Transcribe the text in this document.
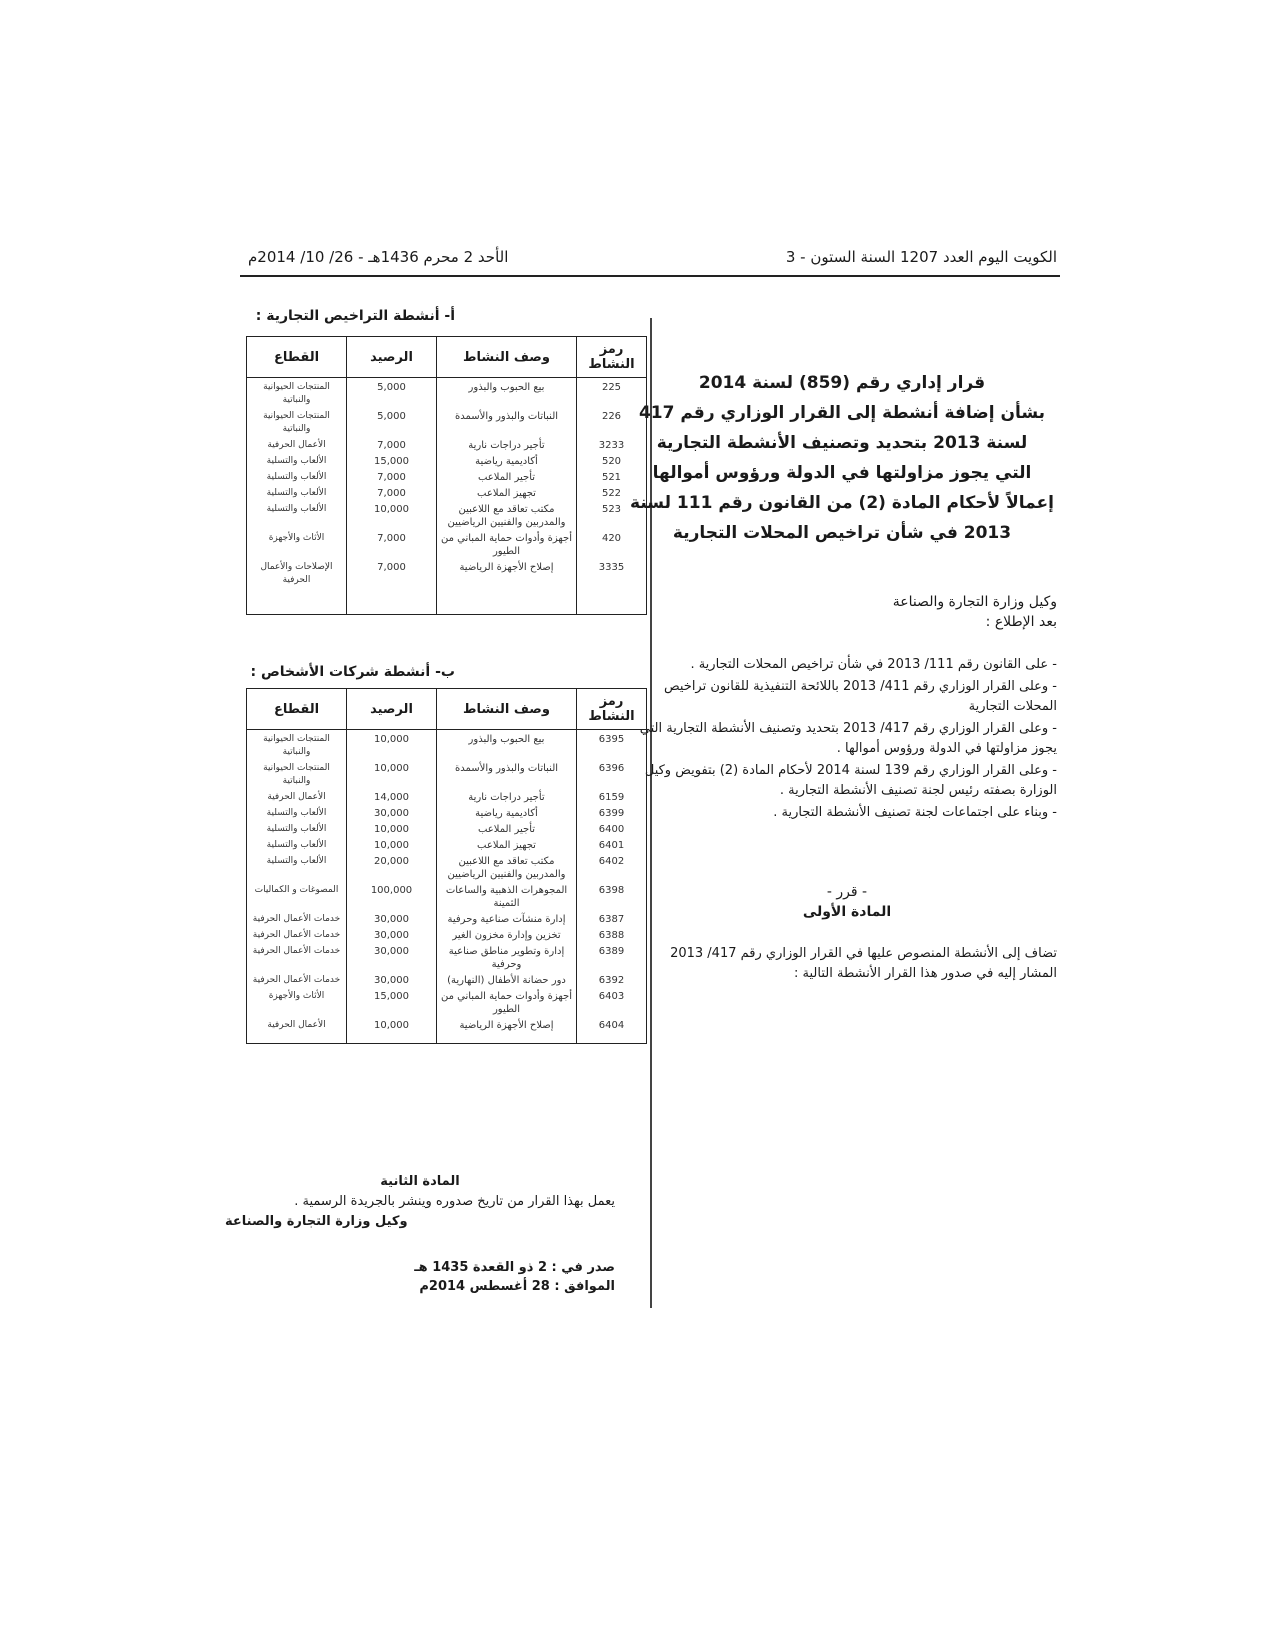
الكويت اليوم العدد 1207 السنة الستون - 3
الأحد 2 محرم 1436هـ - 26/ 10/ 2014م
قرار إداري رقم (859) لسنة 2014
بشأن إضافة أنشطة إلى القرار الوزاري رقم 417
لسنة 2013 بتحديد وتصنيف الأنشطة التجارية
التي يجوز مزاولتها في الدولة ورؤوس أموالها
إعمالاً لأحكام المادة (2) من القانون رقم 111 لسنة
2013 في شأن تراخيص المحلات التجارية
وكيل وزارة التجارة والصناعة
بعد الإطلاع :
- على القانون رقم 111/ 2013 في شأن تراخيص المحلات التجارية .
- وعلى القرار الوزاري رقم 411/ 2013 باللائحة التنفيذية للقانون تراخيص المحلات التجارية
- وعلى القرار الوزاري رقم 417/ 2013 بتحديد وتصنيف الأنشطة التجارية التي يجوز مزاولتها في الدولة ورؤوس أموالها .
- وعلى القرار الوزاري رقم 139 لسنة 2014 لأحكام المادة (2) بتفويض وكيل الوزارة بصفته رئيس لجنة تصنيف الأنشطة التجارية .
- وبناء على اجتماعات لجنة تصنيف الأنشطة التجارية .
- قرر -
المادة الأولى
تضاف إلى الأنشطة المنصوص عليها في القرار الوزاري رقم 417/ 2013 المشار إليه في صدور هذا القرار الأنشطة التالية :
أ- أنشطة التراخيص التجارية :
رمز النشاط	وصف النشاط	الرصيد	القطاع
225	بيع الحبوب والبذور	5,000	المنتجات الحيوانية والنباتية
226	النباتات والبذور والأسمدة	5,000	المنتجات الحيوانية والنباتية
3233	تأجير دراجات نارية	7,000	الأعمال الحرفية
520	أكاديمية رياضية	15,000	الألعاب والتسلية
521	تأجير الملاعب	7,000	الألعاب والتسلية
522	تجهيز الملاعب	7,000	الألعاب والتسلية
523	مكتب تعاقد مع اللاعبين والمدربين والفنيين الرياضيين	10,000	الألعاب والتسلية
420	أجهزة وأدوات حماية المباني من الطيور	7,000	الأثاث والأجهزة
3335	إصلاح الأجهزة الرياضية	7,000	الإصلاحات والأعمال الحرفية

ب- أنشطة شركات الأشخاص :
رمز النشاط	وصف النشاط	الرصيد	القطاع
6395	بيع الحبوب والبذور	10,000	المنتجات الحيوانية والنباتية
6396	النباتات والبذور والأسمدة	10,000	المنتجات الحيوانية والنباتية
6159	تأجير دراجات نارية	14,000	الأعمال الحرفية
6399	أكاديمية رياضية	30,000	الألعاب والتسلية
6400	تأجير الملاعب	10,000	الألعاب والتسلية
6401	تجهيز الملاعب	10,000	الألعاب والتسلية
6402	مكتب تعاقد مع اللاعبين والمدربين والفنيين الرياضيين	20,000	الألعاب والتسلية
6398	المجوهرات الذهبية والساعات الثمينة	100,000	المصوغات و الكماليات
6387	إدارة منشآت صناعية وحرفية	30,000	خدمات الأعمال الحرفية
6388	تخزين وإدارة مخزون الغير	30,000	خدمات الأعمال الحرفية
6389	إدارة وتطوير مناطق صناعية وحرفية	30,000	خدمات الأعمال الحرفية
6392	دور حضانة الأطفال (النهارية)	30,000	خدمات الأعمال الحرفية
6403	أجهزة وأدوات حماية المباني من الطيور	15,000	الأثاث والأجهزة
6404	إصلاح الأجهزة الرياضية	10,000	الأعمال الحرفية

المادة الثانية
يعمل بهذا القرار من تاريخ صدوره وينشر بالجريدة الرسمية .
وكيل وزارة التجارة والصناعة
صدر في : 2 ذو القعدة 1435 هـ
الموافق : 28 أغسطس 2014م
